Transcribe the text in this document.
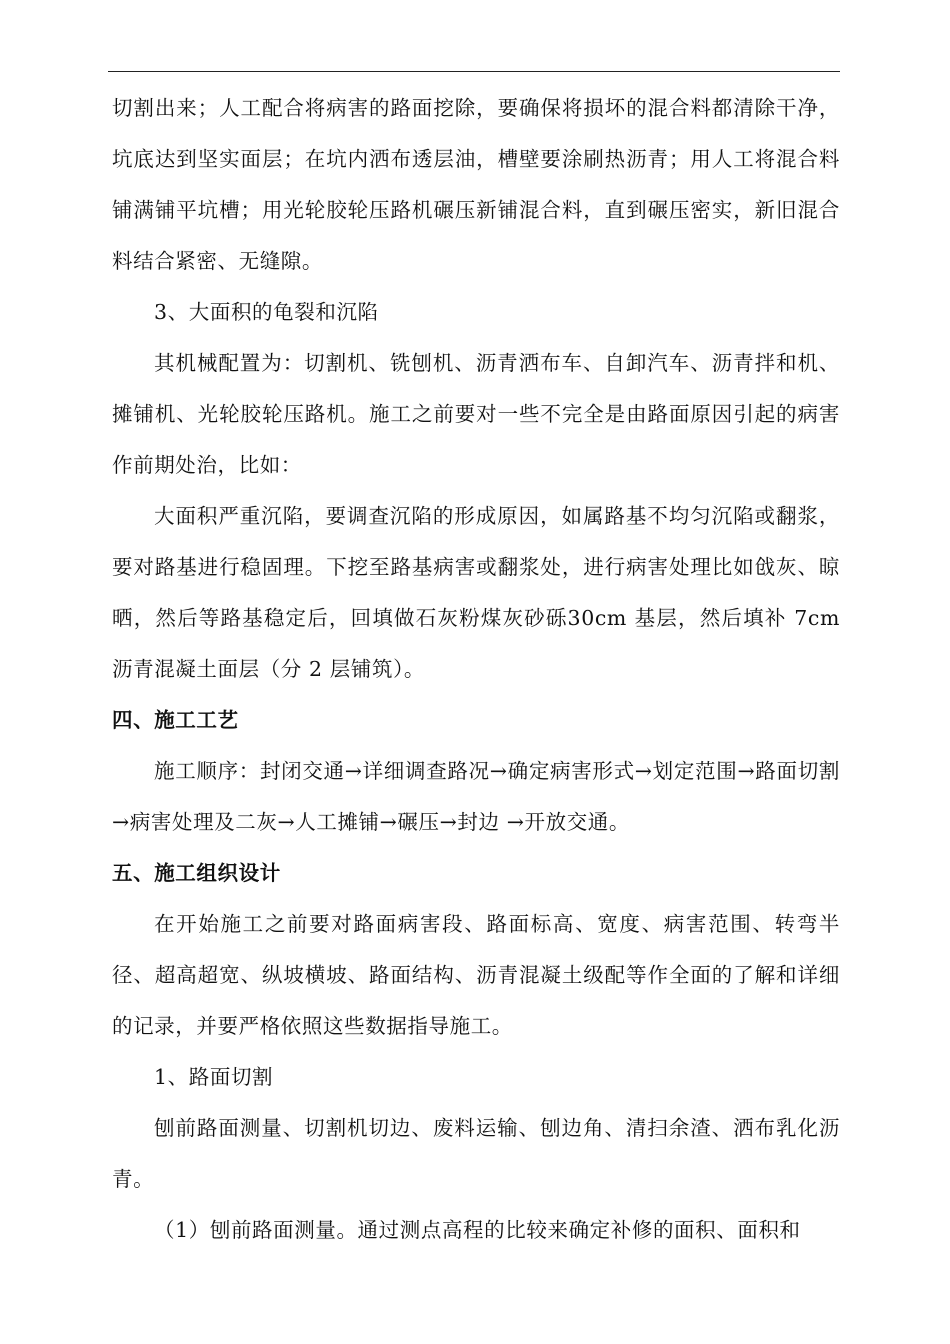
切割出来；人工配合将病害的路面挖除，要确保将损坏的混合料都清除干净，坑底达到坚实面层；在坑内洒布透层油，槽壁要涂刷热沥青；用人工将混合料铺满铺平坑槽；用光轮胶轮压路机碾压新铺混合料，直到碾压密实，新旧混合料结合紧密、无缝隙。

3、大面积的龟裂和沉陷

其机械配置为：切割机、铣刨机、沥青洒布车、自卸汽车、沥青拌和机、摊铺机、光轮胶轮压路机。施工之前要对一些不完全是由路面原因引起的病害作前期处治，比如：

大面积严重沉陷，要调查沉陷的形成原因，如属路基不均匀沉陷或翻浆，要对路基进行稳固理。下挖至路基病害或翻浆处，进行病害处理比如戗灰、晾晒，然后等路基稳定后，回填做石灰粉煤灰砂砾30cm 基层，然后填补 7cm 沥青混凝土面层（分 2 层铺筑）。

四、施工工艺

施工顺序：封闭交通→详细调查路况→确定病害形式→划定范围→路面切割→病害处理及二灰→人工摊铺→碾压→封边 →开放交通。

五、施工组织设计

在开始施工之前要对路面病害段、路面标高、宽度、病害范围、转弯半径、超高超宽、纵坡横坡、路面结构、沥青混凝土级配等作全面的了解和详细的记录，并要严格依照这些数据指导施工。

1、路面切割

刨前路面测量、切割机切边、废料运输、刨边角、清扫余渣、洒布乳化沥青。

（1）刨前路面测量。通过测点高程的比较来确定补修的面积、面积和
